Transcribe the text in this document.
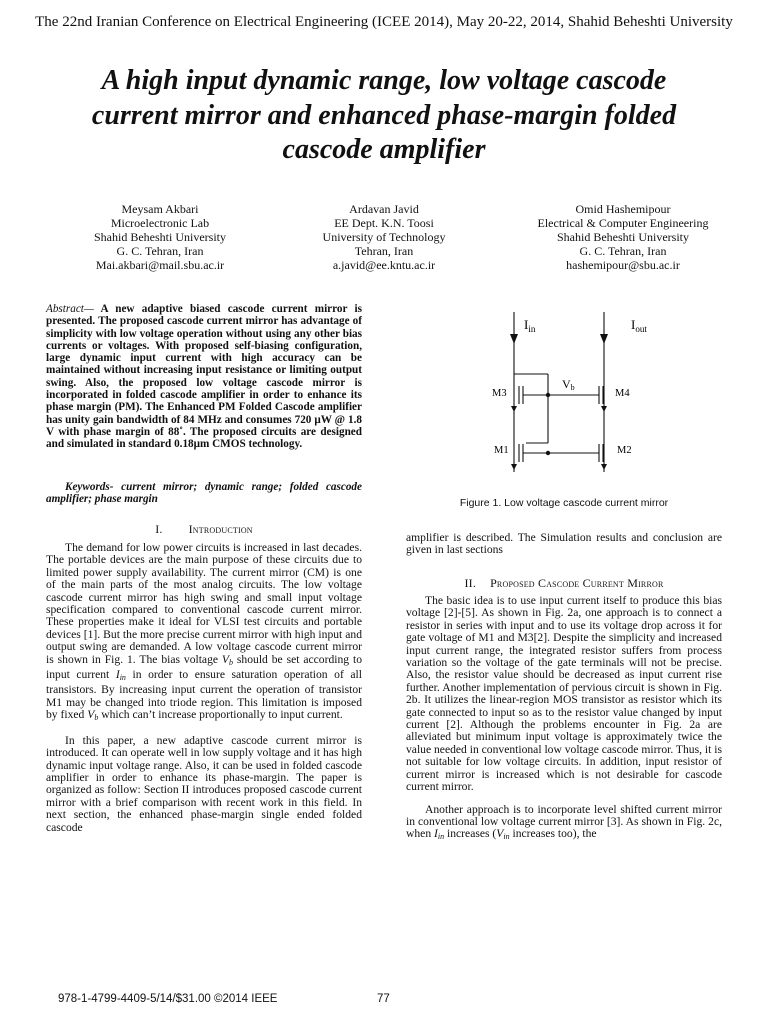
The 22nd Iranian Conference on Electrical Engineering (ICEE 2014), May 20-22, 2014, Shahid Beheshti University
A high input dynamic range, low voltage cascode
current mirror and enhanced phase-margin folded
cascode amplifier
Meysam Akbari
Microelectronic Lab
Shahid Beheshti University
G. C. Tehran, Iran
Mai.akbari@mail.sbu.ac.ir
Ardavan Javid
EE Dept. K.N. Toosi
University of Technology
Tehran, Iran
a.javid@ee.kntu.ac.ir
Omid Hashemipour
Electrical & Computer Engineering
Shahid Beheshti University
G. C. Tehran, Iran
hashemipour@sbu.ac.ir
Abstract— A new adaptive biased cascode current mirror is presented. The proposed cascode current mirror has advantage of simplicity with low voltage operation without using any other bias currents or voltages. With proposed self-biasing configuration, large dynamic input current with high accuracy can be maintained without increasing input resistance or limiting output swing. Also, the proposed low voltage cascode mirror is incorporated in folded cascode amplifier in order to enhance its phase margin (PM). The Enhanced PM Folded Cascode amplifier has unity gain bandwidth of 84 MHz and consumes 720 μW @ 1.8 V with phase margin of 88˚. The proposed circuits are designed and simulated in standard 0.18μm CMOS technology.
Keywords- current mirror; dynamic range; folded cascode amplifier; phase margin
I. Introduction

The demand for low power circuits is increased in last decades. The portable devices are the main purpose of these circuits due to limited power supply availability. The current mirror (CM) is one of the main parts of the most analog circuits. The low voltage cascode current mirror has high swing and small input voltage specification compared to conventional cascode current mirror. These properties make it ideal for VLSI test circuits and portable devices [1]. But the more precise current mirror with high input and output swing are demanded. A low voltage cascode current mirror is shown in Fig. 1. The bias voltage Vb should be set according to input current Iin in order to ensure saturation operation of all transistors. By increasing input current the operation of transistor M1 may be changed into triode region. This limitation is imposed by fixed Vb which can’t increase proportionally to input current.

In this paper, a new adaptive cascode current mirror is introduced. It can operate well in low supply voltage and it has high dynamic input voltage range. Also, it can be used in folded cascode amplifier in order to enhance its phase-margin. The paper is organized as follow: Section II introduces proposed cascode current mirror with a brief comparison with recent work in this field. In next section, the enhanced phase-margin single ended folded cascode

$I_{in}$	$I_{out}$
Vb
M3	M4
M1	M2
Figure 1. Low voltage cascode current mirror

amplifier is described. The Simulation results and conclusion are given in last sections

II. Proposed Cascode Current Mirror

The basic idea is to use input current itself to produce this bias voltage [2]-[5]. As shown in Fig. 2a, one approach is to connect a resistor in series with input and to use its voltage drop across it for gate voltage of M1 and M3[2]. Despite the simplicity and increased input current range, the integrated resistor suffers from process variation so the voltage of the gate terminals will not be precise. Also, the resistor value should be decreased as input current rise further. Another implementation of pervious circuit is shown in Fig. 2b. It utilizes the linear-region MOS transistor as resistor which its gate connected to input so as to the resistor value changed by input current [2]. Although the problems encounter in Fig. 2a are alleviated but minimum input voltage is approximately twice the value needed in conventional low voltage cascode mirror. Thus, it is not suitable for low voltage circuits. In addition, input resistor of current mirror is increased which is not desirable for cascode current mirror.

Another approach is to incorporate level shifted current mirror in conventional low voltage current mirror [3]. As shown in Fig. 2c, when Iin increases (Vin increases too), the

978-1-4799-4409-5/14/$31.00 ©2014 IEEE	77
